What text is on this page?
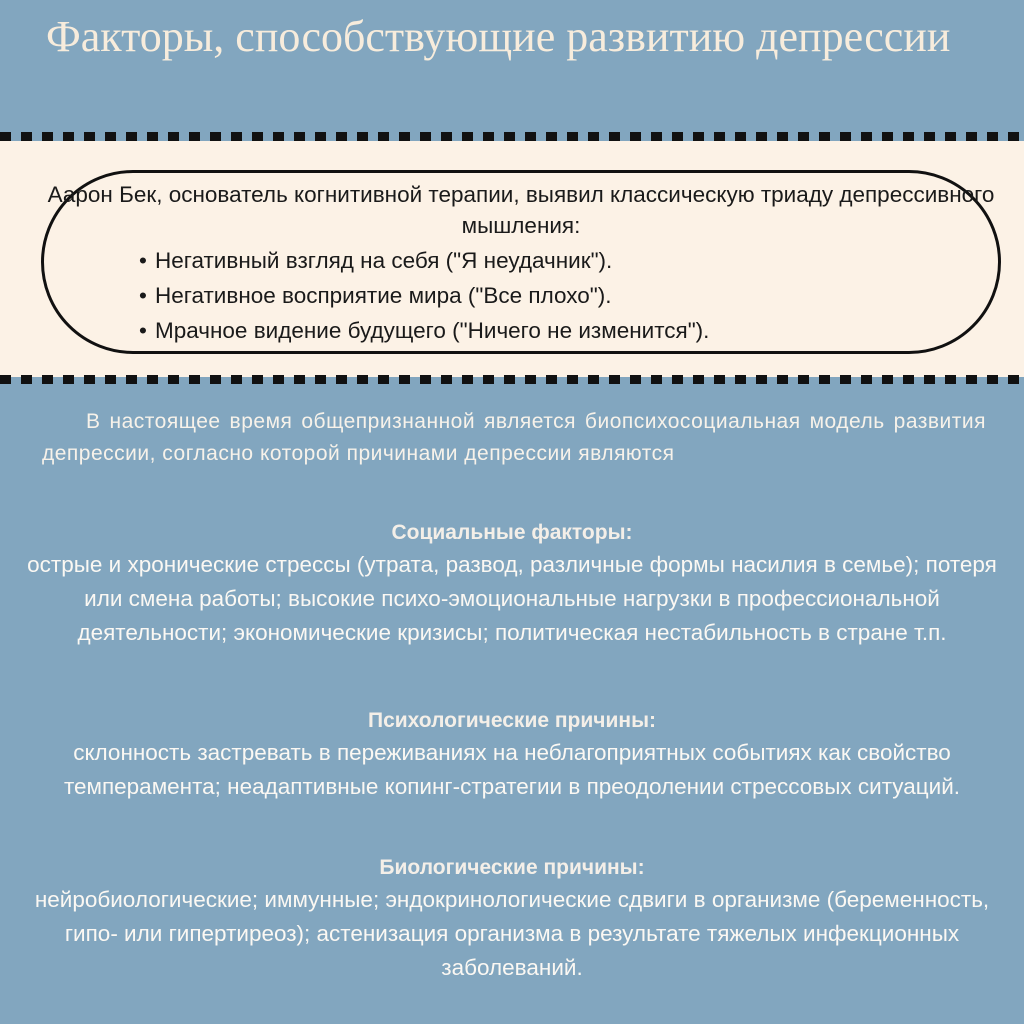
Факторы, способствующие развитию депрессии

Аарон Бек, основатель когнитивной терапии, выявил классическую триаду депрессивного мышления:

• Негативный взгляд на себя ("Я неудачник").
• Негативное восприятие мира ("Все плохо").
• Мрачное видение будущего ("Ничего не изменится").

В настоящее время общепризнанной является биопсихосоциальная модель развития депрессии, согласно которой причинами депрессии являются

Социальные факторы:

острые и хронические стрессы (утрата, развод, различные формы насилия в семье); потеря или смена работы; высокие психо-эмоциональные нагрузки в профессиональной деятельности; экономические кризисы; политическая нестабильность в стране т.п.

Психологические причины:

склонность застревать в переживаниях на неблагоприятных событиях как свойство темперамента; неадаптивные копинг-стратегии в преодолении стрессовых ситуаций.

Биологические причины:

нейробиологические; иммунные; эндокринологические сдвиги в организме (беременность, гипо- или гипертиреоз); астенизация организма в результате тяжелых инфекционных заболеваний.
